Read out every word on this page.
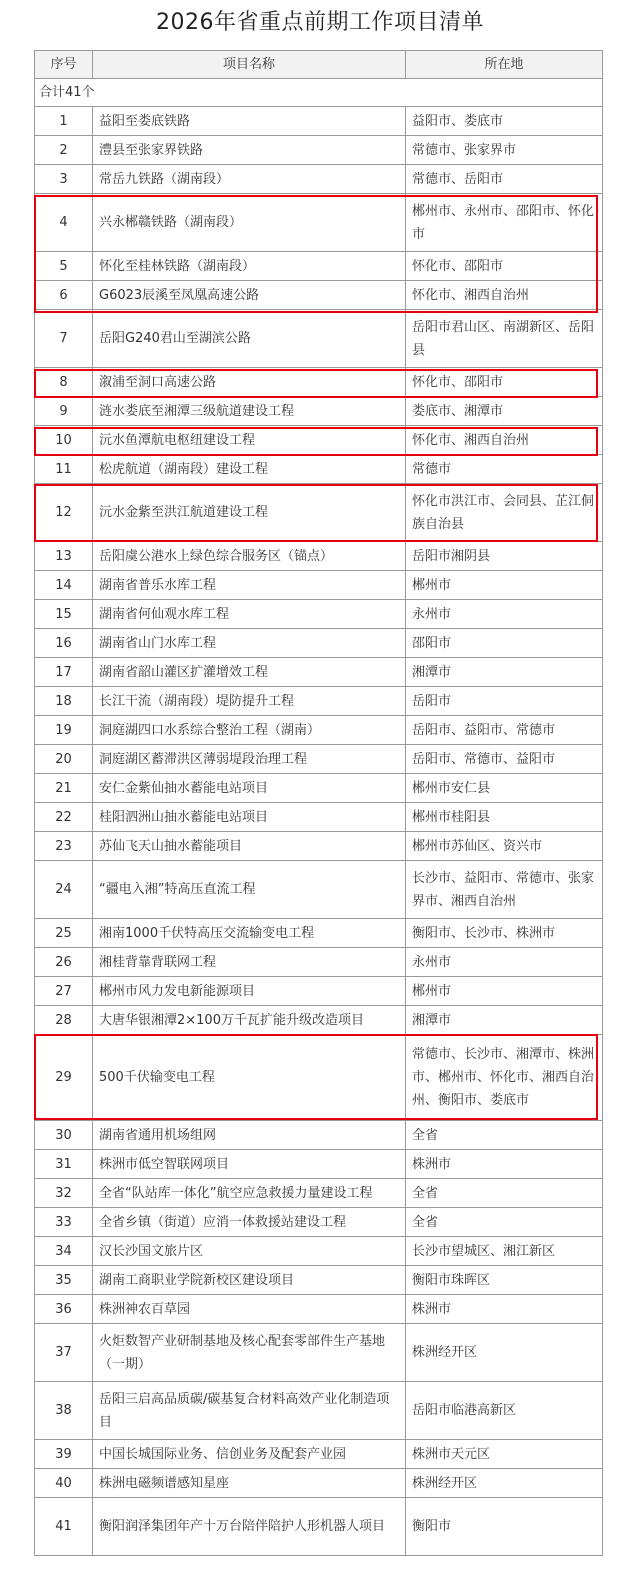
2026年省重点前期工作项目清单
序号	项目名称	所在地
合计41个		
1	益阳至娄底铁路	益阳市、娄底市
2	澧县至张家界铁路	常德市、张家界市
3	常岳九铁路（湖南段）	常德市、岳阳市
4	兴永郴赣铁路（湖南段）	郴州市、永州市、邵阳市、怀化市
5	怀化至桂林铁路（湖南段）	怀化市、邵阳市
6	G6023辰溪至凤凰高速公路	怀化市、湘西自治州
7	岳阳G240君山至湖滨公路	岳阳市君山区、南湖新区、岳阳县
8	溆浦至洞口高速公路	怀化市、邵阳市
9	涟水娄底至湘潭三级航道建设工程	娄底市、湘潭市
10	沅水鱼潭航电枢纽建设工程	怀化市、湘西自治州
11	松虎航道（湖南段）建设工程	常德市
12	沅水金紫至洪江航道建设工程	怀化市洪江市、会同县、芷江侗族自治县
13	岳阳虞公港水上绿色综合服务区（锚点）	岳阳市湘阴县
14	湖南省普乐水库工程	郴州市
15	湖南省何仙观水库工程	永州市
16	湖南省山门水库工程	邵阳市
17	湖南省韶山灌区扩灌增效工程	湘潭市
18	长江干流（湖南段）堤防提升工程	岳阳市
19	洞庭湖四口水系综合整治工程（湖南）	岳阳市、益阳市、常德市
20	洞庭湖区蓄滞洪区薄弱堤段治理工程	岳阳市、常德市、益阳市
21	安仁金紫仙抽水蓄能电站项目	郴州市安仁县
22	桂阳泗洲山抽水蓄能电站项目	郴州市桂阳县
23	苏仙飞天山抽水蓄能项目	郴州市苏仙区、资兴市
24	“疆电入湘”特高压直流工程	长沙市、益阳市、常德市、张家界市、湘西自治州
25	湘南1000千伏特高压交流输变电工程	衡阳市、长沙市、株洲市
26	湘桂背靠背联网工程	永州市
27	郴州市风力发电新能源项目	郴州市
28	大唐华银湘潭2×100万千瓦扩能升级改造项目	湘潭市
29	500千伏输变电工程	常德市、长沙市、湘潭市、株洲市、郴州市、怀化市、湘西自治州、衡阳市、娄底市
30	湖南省通用机场组网	全省
31	株洲市低空智联网项目	株洲市
32	全省“队站库一体化”航空应急救援力量建设工程	全省
33	全省乡镇（街道）应消一体救援站建设工程	全省
34	汉长沙国文旅片区	长沙市望城区、湘江新区
35	湖南工商职业学院新校区建设项目	衡阳市珠晖区
36	株洲神农百草园	株洲市
37	火炬数智产业研制基地及核心配套零部件生产基地（一期）	株洲经开区
38	岳阳三启高品质碳/碳基复合材料高效产业化制造项目	岳阳市临港高新区
39	中国长城国际业务、信创业务及配套产业园	株洲市天元区
40	株洲电磁频谱感知星座	株洲经开区
41	衡阳润泽集团年产十万台陪伴陪护人形机器人项目	衡阳市
